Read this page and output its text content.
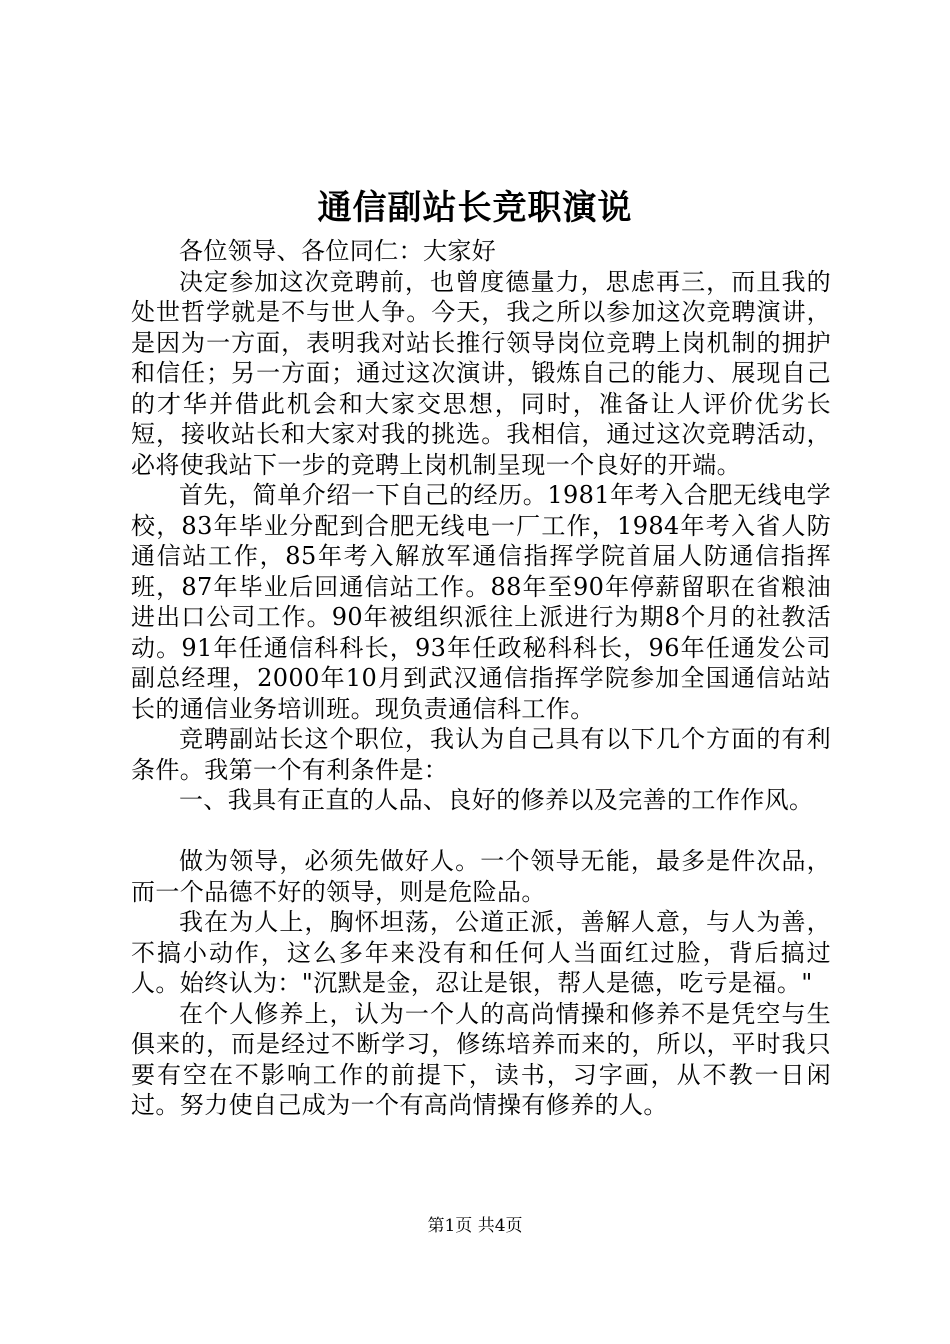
通信副站长竞职演说

各位领导、各位同仁：大家好

决定参加这次竞聘前，也曾度德量力，思虑再三，而且我的处世哲学就是不与世人争。今天，我之所以参加这次竞聘演讲，是因为一方面，表明我对站长推行领导岗位竞聘上岗机制的拥护和信任；另一方面；通过这次演讲，锻炼自己的能力、展现自己的才华并借此机会和大家交思想，同时，准备让人评价优劣长短，接收站长和大家对我的挑选。我相信，通过这次竞聘活动，必将使我站下一步的竞聘上岗机制呈现一个良好的开端。

首先，简单介绍一下自己的经历。1981年考入合肥无线电学校，83年毕业分配到合肥无线电一厂工作，1984年考入省人防通信站工作，85年考入解放军通信指挥学院首届人防通信指挥班，87年毕业后回通信站工作。88年至90年停薪留职在省粮油进出口公司工作。90年被组织派往上派进行为期8个月的社教活动。91年任通信科科长，93年任政秘科科长，96年任通发公司副总经理，2000年10月到武汉通信指挥学院参加全国通信站站长的通信业务培训班。现负责通信科工作。

竞聘副站长这个职位，我认为自己具有以下几个方面的有利条件。我第一个有利条件是：

一、我具有正直的人品、良好的修养以及完善的工作作风。

做为领导，必须先做好人。一个领导无能，最多是件次品，而一个品德不好的领导，则是危险品。

我在为人上，胸怀坦荡，公道正派，善解人意，与人为善，不搞小动作，这么多年来没有和任何人当面红过脸，背后搞过人。始终认为："沉默是金，忍让是银，帮人是德，吃亏是福。"

在个人修养上，认为一个人的高尚情操和修养不是凭空与生俱来的，而是经过不断学习，修练培养而来的，所以，平时我只要有空在不影响工作的前提下，读书，习字画，从不教一日闲过。努力使自己成为一个有高尚情操有修养的人。

第1页 共4页
